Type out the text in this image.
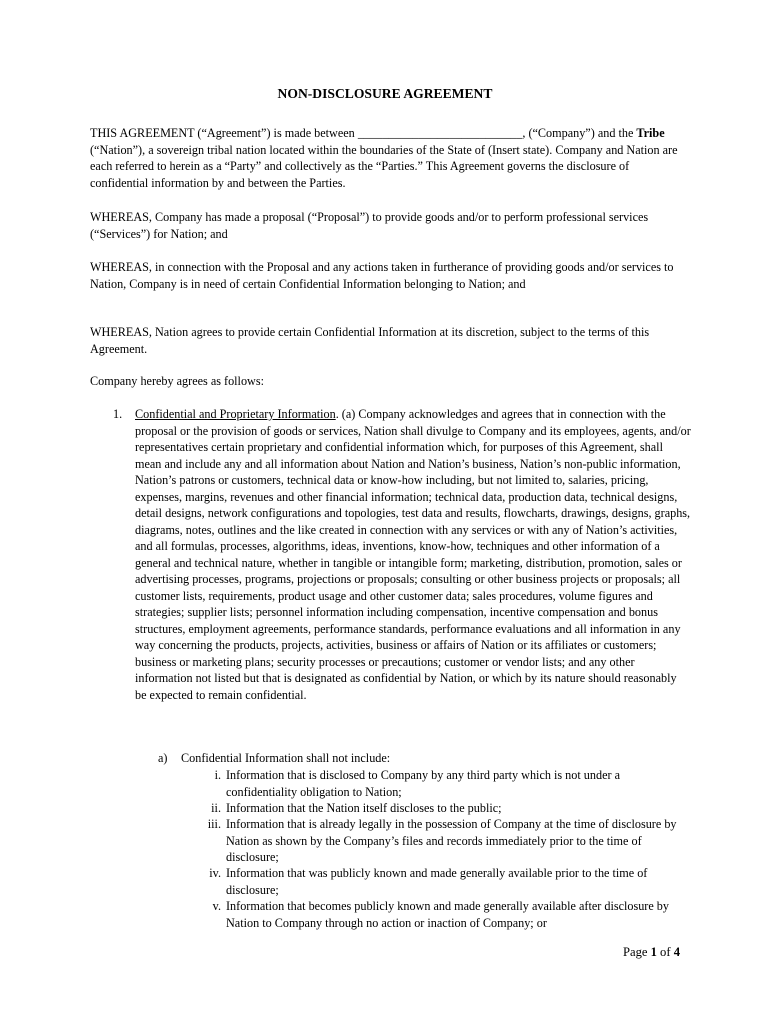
NON-DISCLOSURE AGREEMENT

THIS AGREEMENT (“Agreement”) is made between ___________________________, (“Company”) and the Tribe (“Nation”), a sovereign tribal nation located within the boundaries of the State of (Insert state). Company and Nation are each referred to herein as a “Party” and collectively as the “Parties.” This Agreement governs the disclosure of confidential information by and between the Parties.

WHEREAS, Company has made a proposal (“Proposal”) to provide goods and/or to perform professional services (“Services”) for Nation; and

WHEREAS, in connection with the Proposal and any actions taken in furtherance of providing goods and/or services to Nation, Company is in need of certain Confidential Information belonging to Nation; and

WHEREAS, Nation agrees to provide certain Confidential Information at its discretion, subject to the terms of this Agreement.

Company hereby agrees as follows:

1. Confidential and Proprietary Information. (a) Company acknowledges and agrees that in connection with the proposal or the provision of goods or services, Nation shall divulge to Company and its employees, agents, and/or representatives certain proprietary and confidential information which, for purposes of this Agreement, shall mean and include any and all information about Nation and Nation’s business, Nation’s non-public information, Nation’s patrons or customers, technical data or know-how including, but not limited to, salaries, pricing, expenses, margins, revenues and other financial information; technical data, production data, technical designs, detail designs, network configurations and topologies, test data and results, flowcharts, drawings, designs, graphs, diagrams, notes, outlines and the like created in connection with any services or with any of Nation’s activities, and all formulas, processes, algorithms, ideas, inventions, know-how, techniques and other information of a general and technical nature, whether in tangible or intangible form; marketing, distribution, promotion, sales or advertising processes, programs, projections or proposals; consulting or other business projects or proposals; all customer lists, requirements, product usage and other customer data; sales procedures, volume figures and strategies; supplier lists; personnel information including compensation, incentive compensation and bonus structures, employment agreements, performance standards, performance evaluations and all information in any way concerning the products, projects, activities, business or affairs of Nation or its affiliates or customers; business or marketing plans; security processes or precautions; customer or vendor lists; and any other information not listed but that is designated as confidential by Nation, or which by its nature should reasonably be expected to remain confidential.

a) Confidential Information shall not include:

i. Information that is disclosed to Company by any third party which is not under a confidentiality obligation to Nation;

ii. Information that the Nation itself discloses to the public;

iii. Information that is already legally in the possession of Company at the time of disclosure by Nation as shown by the Company’s files and records immediately prior to the time of disclosure;

iv. Information that was publicly known and made generally available prior to the time of disclosure;

v. Information that becomes publicly known and made generally available after disclosure by Nation to Company through no action or inaction of Company; or

Page 1 of 4
